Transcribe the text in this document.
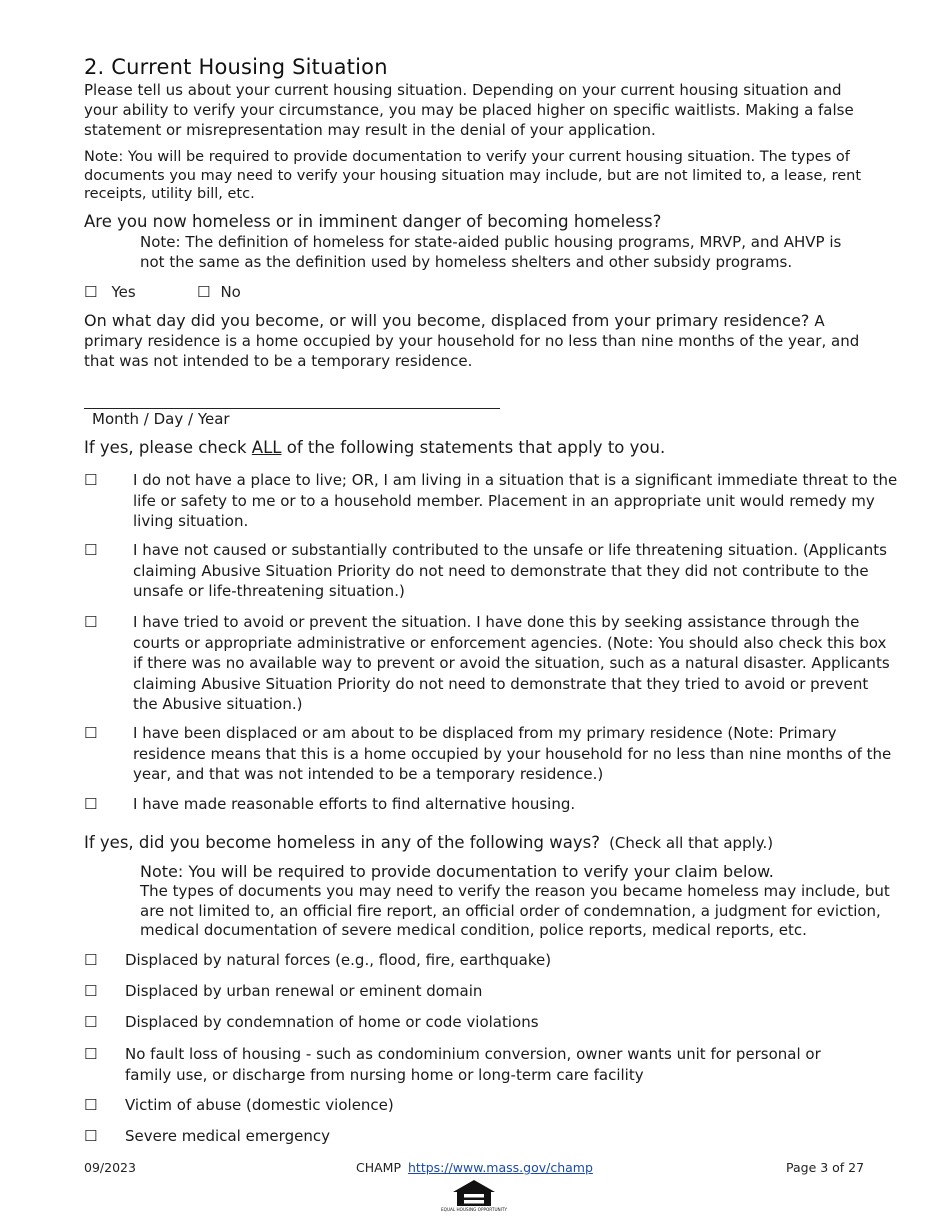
2. Current Housing Situation
Please tell us about your current housing situation. Depending on your current housing situation and your ability to verify your circumstance, you may be placed higher on specific waitlists. Making a false statement or misrepresentation may result in the denial of your application.
Note: You will be required to provide documentation to verify your current housing situation. The types of documents you may need to verify your housing situation may include, but are not limited to, a lease, rent receipts, utility bill, etc.
Are you now homeless or in imminent danger of becoming homeless?
Note: The definition of homeless for state-aided public housing programs, MRVP, and AHVP is not the same as the definition used by homeless shelters and other subsidy programs.
☐ Yes	☐ No
On what day did you become, or will you become, displaced from your primary residence? A primary residence is a home occupied by your household for no less than nine months of the year, and that was not intended to be a temporary residence.
Month / Day / Year
If yes, please check ALL of the following statements that apply to you.
☐ I do not have a place to live; OR, I am living in a situation that is a significant immediate threat to the life or safety to me or to a household member. Placement in an appropriate unit would remedy my living situation.
☐ I have not caused or substantially contributed to the unsafe or life threatening situation. (Applicants claiming Abusive Situation Priority do not need to demonstrate that they did not contribute to the unsafe or life-threatening situation.)
☐ I have tried to avoid or prevent the situation. I have done this by seeking assistance through the courts or appropriate administrative or enforcement agencies. (Note: You should also check this box if there was no available way to prevent or avoid the situation, such as a natural disaster. Applicants claiming Abusive Situation Priority do not need to demonstrate that they tried to avoid or prevent the Abusive situation.)
☐ I have been displaced or am about to be displaced from my primary residence (Note: Primary residence means that this is a home occupied by your household for no less than nine months of the year, and that was not intended to be a temporary residence.)
☐ I have made reasonable efforts to find alternative housing.
If yes, did you become homeless in any of the following ways? (Check all that apply.)
Note: You will be required to provide documentation to verify your claim below.
The types of documents you may need to verify the reason you became homeless may include, but are not limited to, an official fire report, an official order of condemnation, a judgment for eviction, medical documentation of severe medical condition, police reports, medical reports, etc.
☐ Displaced by natural forces (e.g., flood, fire, earthquake)
☐ Displaced by urban renewal or eminent domain
☐ Displaced by condemnation of home or code violations
☐ No fault loss of housing - such as condominium conversion, owner wants unit for personal or family use, or discharge from nursing home or long-term care facility
☐ Victim of abuse (domestic violence)
☐ Severe medical emergency
09/2023	CHAMP https://www.mass.gov/champ	Page 3 of 27
EQUAL HOUSING OPPORTUNITY
